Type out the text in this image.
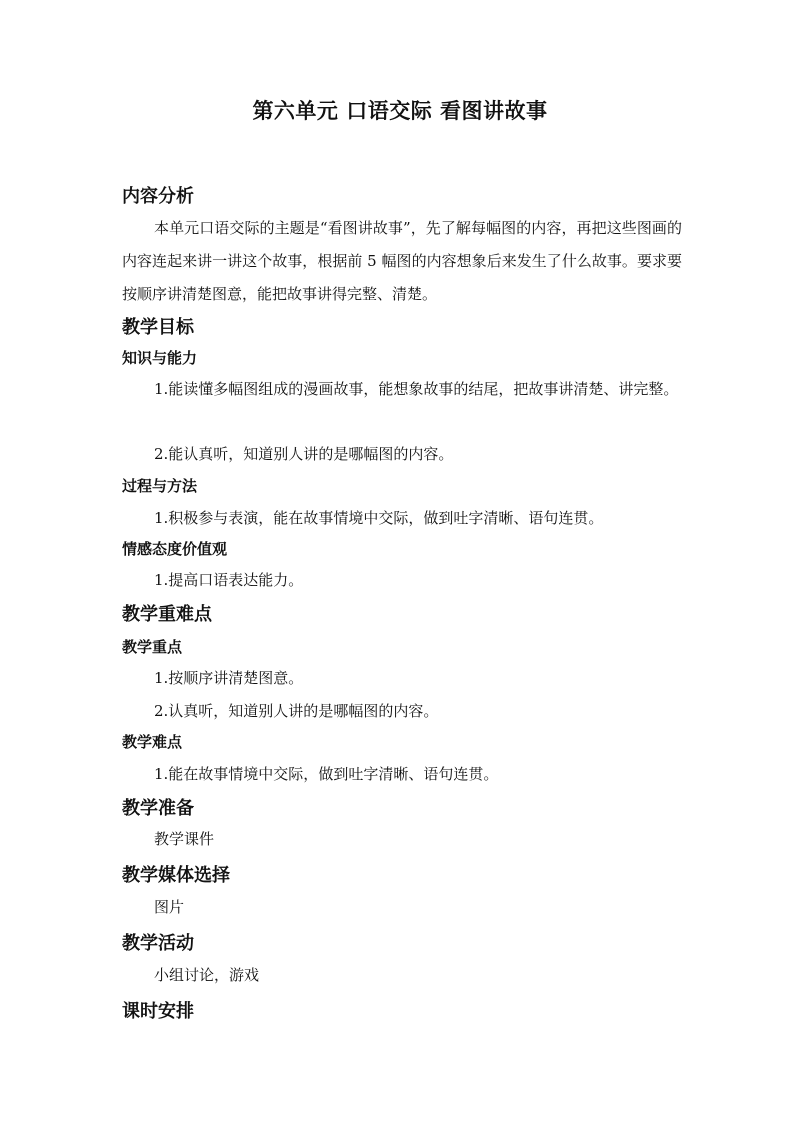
第六单元 口语交际 看图讲故事
内容分析
本单元口语交际的主题是“看图讲故事”，先了解每幅图的内容，再把这些图画的内容连起来讲一讲这个故事，根据前 5 幅图的内容想象后来发生了什么故事。要求要按顺序讲清楚图意，能把故事讲得完整、清楚。
教学目标
知识与能力
1.能读懂多幅图组成的漫画故事，能想象故事的结尾，把故事讲清楚、讲完整。
2.能认真听，知道别人讲的是哪幅图的内容。
过程与方法
1.积极参与表演，能在故事情境中交际，做到吐字清晰、语句连贯。
情感态度价值观
1.提高口语表达能力。
教学重难点
教学重点
1.按顺序讲清楚图意。
2.认真听，知道别人讲的是哪幅图的内容。
教学难点
1.能在故事情境中交际，做到吐字清晰、语句连贯。
教学准备
教学课件
教学媒体选择
图片
教学活动
小组讨论，游戏
课时安排
